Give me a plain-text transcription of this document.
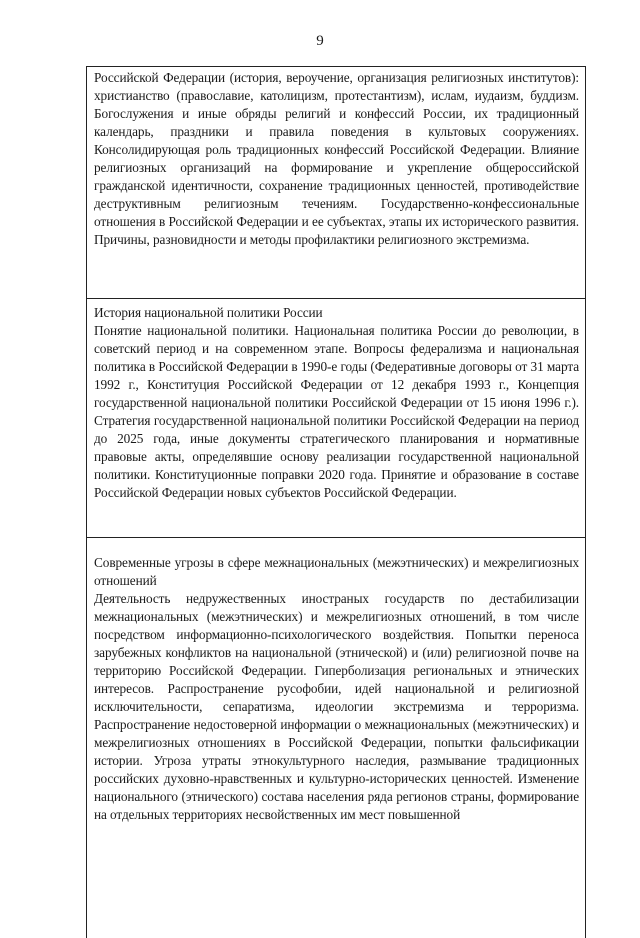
9

Российской Федерации (история, вероучение, организация религиозных институтов): христианство (православие, католицизм, протестантизм), ислам, иудаизм, буддизм. Богослужения и иные обряды религий и конфессий России, их традиционный календарь, праздники и правила поведения в культовых сооружениях. Консолидирующая роль традиционных конфессий Российской Федерации. Влияние религиозных организаций на формирование и укрепление общероссийской гражданской идентичности, сохранение традиционных ценностей, противодействие деструктивным религиозным течениям. Государственно-конфессиональные отношения в Российской Федерации и ее субъектах, этапы их исторического развития. Причины, разновидности и методы профилактики религиозного экстремизма.

История национальной политики России

Понятие национальной политики. Национальная политика России до революции, в советский период и на современном этапе. Вопросы федерализма и национальная политика в Российской Федерации в 1990-е годы (Федеративные договоры от 31 марта 1992 г., Конституция Российской Федерации от 12 декабря 1993 г., Концепция государственной национальной политики Российской Федерации от 15 июня 1996 г.). Стратегия государственной национальной политики Российской Федерации на период до 2025 года, иные документы стратегического планирования и нормативные правовые акты, определявшие основу реализации государственной национальной политики. Конституционные поправки 2020 года. Принятие и образование в составе Российской Федерации новых субъектов Российской Федерации.

Современные угрозы в сфере межнациональных (межэтнических) и межрелигиозных отношений

Деятельность недружественных иностраных государств по дестабилизации межнациональных (межэтнических) и межрелигиозных отношений, в том числе посредством информационно-психологического воздействия. Попытки переноса зарубежных конфликтов на национальной (этнической) и (или) религиозной почве на территорию Российской Федерации. Гиперболизация региональных и этнических интересов. Распространение русофобии, идей национальной и религиозной исключительности, сепаратизма, идеологии экстремизма и терроризма. Распространение недостоверной информации о межнациональных (межэтнических) и межрелигиозных отношениях в Российской Федерации, попытки фальсификации истории. Угроза утраты этнокультурного наследия, размывание традиционных российских духовно-нравственных и культурно-исторических ценностей. Изменение национального (этнического) состава населения ряда регионов страны, формирование на отдельных территориях несвойственных им мест повышенной
